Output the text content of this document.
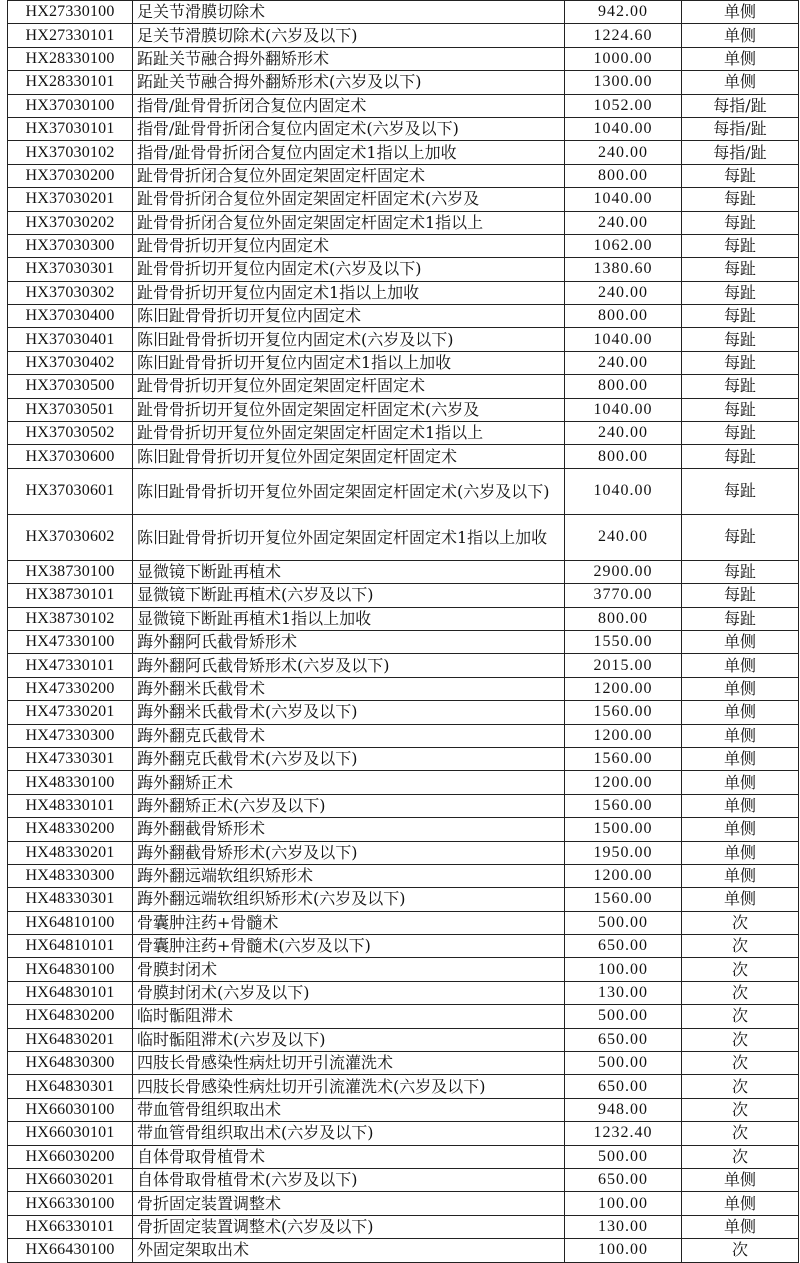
HX27330100	足关节滑膜切除术	942.00	单侧
HX27330101	足关节滑膜切除术(六岁及以下)	1224.60	单侧
HX28330100	跖趾关节融合拇外翻矫形术	1000.00	单侧
HX28330101	跖趾关节融合拇外翻矫形术(六岁及以下)	1300.00	单侧
HX37030100	指骨/趾骨骨折闭合复位内固定术	1052.00	每指/趾
HX37030101	指骨/趾骨骨折闭合复位内固定术(六岁及以下)	1040.00	每指/趾
HX37030102	指骨/趾骨骨折闭合复位内固定术1指以上加收	240.00	每指/趾
HX37030200	趾骨骨折闭合复位外固定架固定杆固定术	800.00	每趾
HX37030201	趾骨骨折闭合复位外固定架固定杆固定术(六岁及	1040.00	每趾
HX37030202	趾骨骨折闭合复位外固定架固定杆固定术1指以上	240.00	每趾
HX37030300	趾骨骨折切开复位内固定术	1062.00	每趾
HX37030301	趾骨骨折切开复位内固定术(六岁及以下)	1380.60	每趾
HX37030302	趾骨骨折切开复位内固定术1指以上加收	240.00	每趾
HX37030400	陈旧趾骨骨折切开复位内固定术	800.00	每趾
HX37030401	陈旧趾骨骨折切开复位内固定术(六岁及以下)	1040.00	每趾
HX37030402	陈旧趾骨骨折切开复位内固定术1指以上加收	240.00	每趾
HX37030500	趾骨骨折切开复位外固定架固定杆固定术	800.00	每趾
HX37030501	趾骨骨折切开复位外固定架固定杆固定术(六岁及	1040.00	每趾
HX37030502	趾骨骨折切开复位外固定架固定杆固定术1指以上	240.00	每趾
HX37030600	陈旧趾骨骨折切开复位外固定架固定杆固定术	800.00	每趾
HX37030601	陈旧趾骨骨折切开复位外固定架固定杆固定术(六岁及以下)	1040.00	每趾
HX37030602	陈旧趾骨骨折切开复位外固定架固定杆固定术1指以上加收	240.00	每趾
HX38730100	显微镜下断趾再植术	2900.00	每趾
HX38730101	显微镜下断趾再植术(六岁及以下)	3770.00	每趾
HX38730102	显微镜下断趾再植术1指以上加收	800.00	每趾
HX47330100	踇外翻阿氏截骨矫形术	1550.00	单侧
HX47330101	踇外翻阿氏截骨矫形术(六岁及以下)	2015.00	单侧
HX47330200	踇外翻米氏截骨术	1200.00	单侧
HX47330201	踇外翻米氏截骨术(六岁及以下)	1560.00	单侧
HX47330300	踇外翻克氏截骨术	1200.00	单侧
HX47330301	踇外翻克氏截骨术(六岁及以下)	1560.00	单侧
HX48330100	踇外翻矫正术	1200.00	单侧
HX48330101	踇外翻矫正术(六岁及以下)	1560.00	单侧
HX48330200	踇外翻截骨矫形术	1500.00	单侧
HX48330201	踇外翻截骨矫形术(六岁及以下)	1950.00	单侧
HX48330300	踇外翻远端软组织矫形术	1200.00	单侧
HX48330301	踇外翻远端软组织矫形术(六岁及以下)	1560.00	单侧
HX64810100	骨囊肿注药+骨髓术	500.00	次
HX64810101	骨囊肿注药+骨髓术(六岁及以下)	650.00	次
HX64830100	骨膜封闭术	100.00	次
HX64830101	骨膜封闭术(六岁及以下)	130.00	次
HX64830200	临时骺阻滞术	500.00	次
HX64830201	临时骺阻滞术(六岁及以下)	650.00	次
HX64830300	四肢长骨感染性病灶切开引流灌洗术	500.00	次
HX64830301	四肢长骨感染性病灶切开引流灌洗术(六岁及以下)	650.00	次
HX66030100	带血管骨组织取出术	948.00	次
HX66030101	带血管骨组织取出术(六岁及以下)	1232.40	次
HX66030200	自体骨取骨植骨术	500.00	次
HX66030201	自体骨取骨植骨术(六岁及以下)	650.00	单侧
HX66330100	骨折固定装置调整术	100.00	单侧
HX66330101	骨折固定装置调整术(六岁及以下)	130.00	单侧
HX66430100	外固定架取出术	100.00	次
